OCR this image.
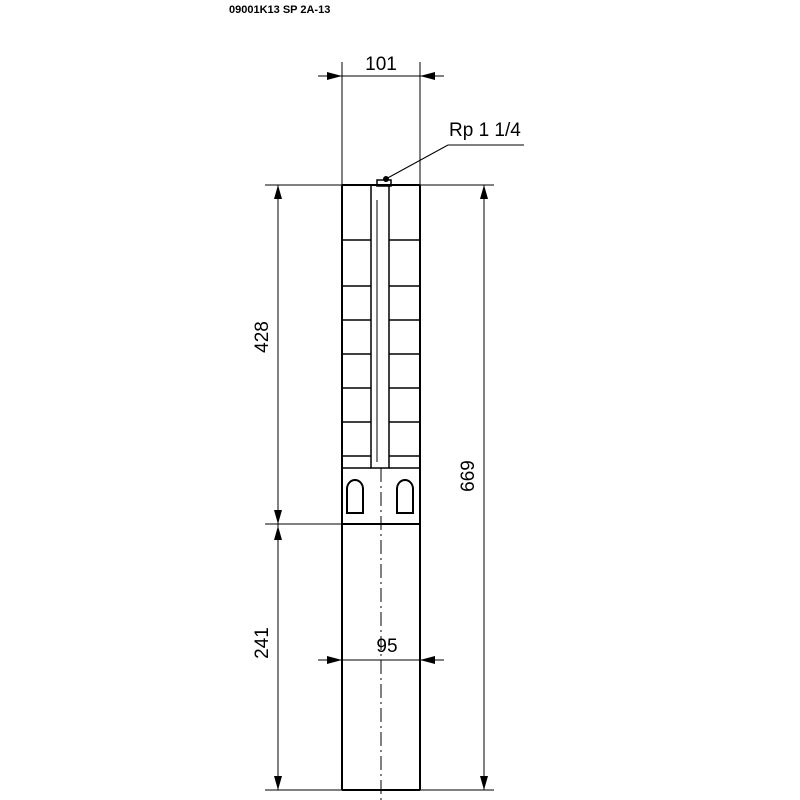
09001K13 SP 2A-13
101
Rp 1 1/4
428
241
669
95
